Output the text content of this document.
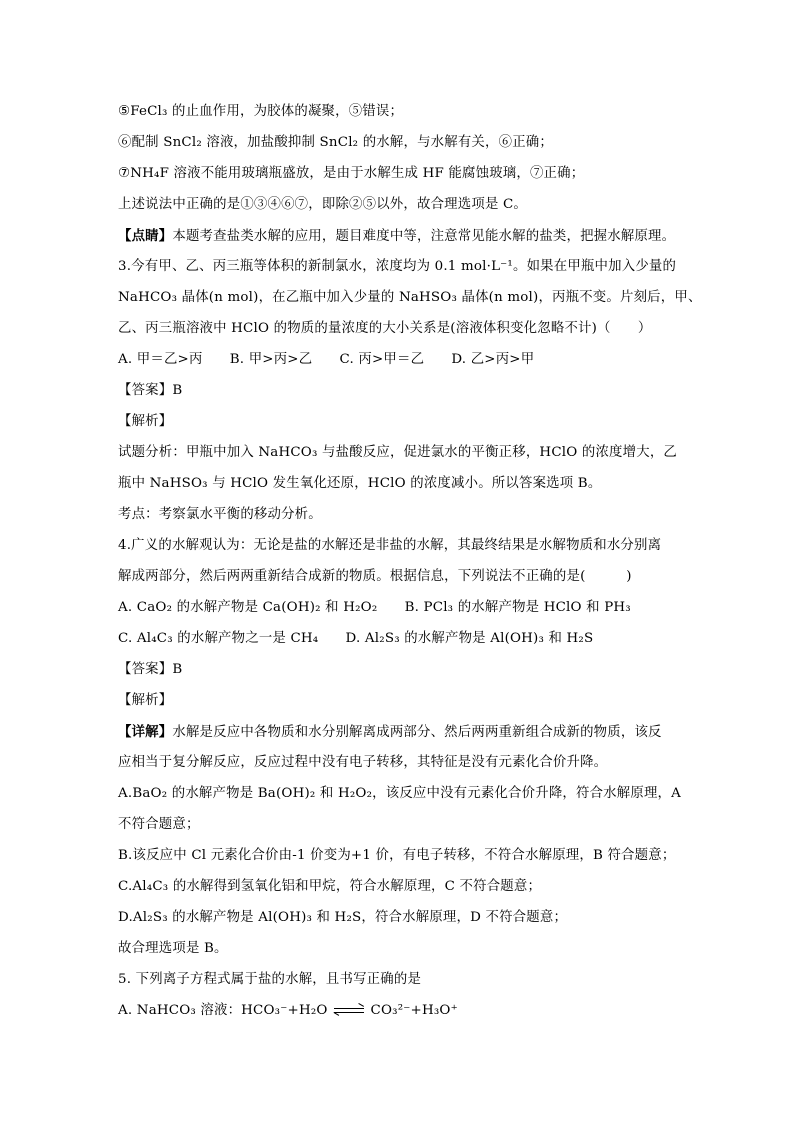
⑤FeCl₃ 的止血作用，为胶体的凝聚，⑤错误；
⑥配制 SnCl₂ 溶液，加盐酸抑制 SnCl₂ 的水解，与水解有关，⑥正确；
⑦NH₄F 溶液不能用玻璃瓶盛放，是由于水解生成 HF 能腐蚀玻璃，⑦正确；
上述说法中正确的是①③④⑥⑦，即除②⑤以外，故合理选项是 C。
【点睛】本题考查盐类水解的应用，题目难度中等，注意常见能水解的盐类，把握水解原理。
3.今有甲、乙、丙三瓶等体积的新制氯水，浓度均为 0.1 mol·L⁻¹。如果在甲瓶中加入少量的
NaHCO₃ 晶体(n mol)，在乙瓶中加入少量的 NaHSO₃ 晶体(n mol)，丙瓶不变。片刻后，甲、
乙、丙三瓶溶液中 HClO 的物质的量浓度的大小关系是(溶液体积变化忽略不计)（　　）
A. 甲＝乙>丙　　B. 甲>丙>乙　　C. 丙>甲＝乙　　D. 乙>丙>甲
【答案】B
【解析】
试题分析：甲瓶中加入 NaHCO₃ 与盐酸反应，促进氯水的平衡正移，HClO 的浓度增大，乙
瓶中 NaHSO₃ 与 HClO 发生氧化还原，HClO 的浓度减小。所以答案选项 B。
考点：考察氯水平衡的移动分析。
4.广义的水解观认为：无论是盐的水解还是非盐的水解，其最终结果是水解物质和水分别离
解成两部分，然后两两重新结合成新的物质。根据信息，下列说法不正确的是(　　　)
A. CaO₂ 的水解产物是 Ca(OH)₂ 和 H₂O₂　　B. PCl₃ 的水解产物是 HClO 和 PH₃
C. Al₄C₃ 的水解产物之一是 CH₄　　D. Al₂S₃ 的水解产物是 Al(OH)₃ 和 H₂S
【答案】B
【解析】
【详解】水解是反应中各物质和水分别解离成两部分、然后两两重新组合成新的物质，该反
应相当于复分解反应，反应过程中没有电子转移，其特征是没有元素化合价升降。
A.BaO₂ 的水解产物是 Ba(OH)₂ 和 H₂O₂，该反应中没有元素化合价升降，符合水解原理，A
不符合题意；
B.该反应中 Cl 元素化合价由-1 价变为+1 价，有电子转移，不符合水解原理，B 符合题意；
C.Al₄C₃ 的水解得到氢氧化铝和甲烷，符合水解原理，C 不符合题意；
D.Al₂S₃ 的水解产物是 Al(OH)₃ 和 H₂S，符合水解原理，D 不符合题意；
故合理选项是 B。
5. 下列离子方程式属于盐的水解，且书写正确的是
A. NaHCO₃ 溶液：HCO₃⁻+H₂O	CO₃²⁻+H₃O⁺
